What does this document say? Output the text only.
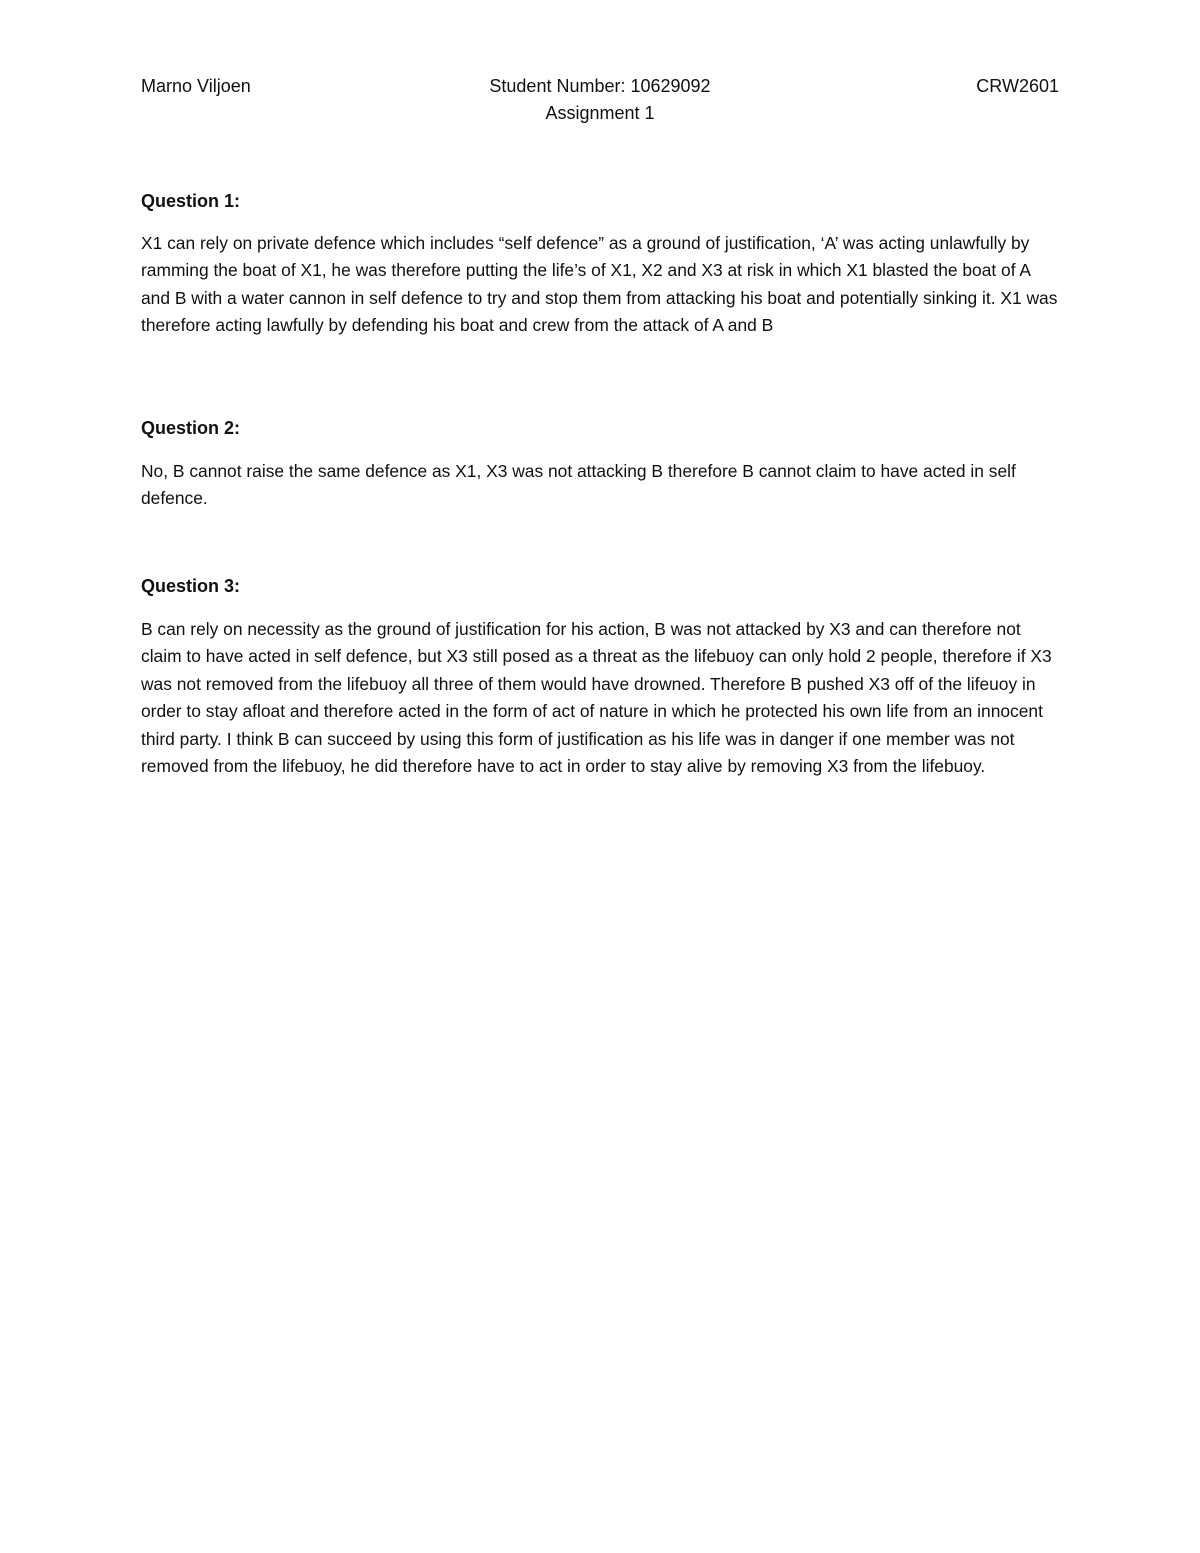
Marno Viljoen	Student Number: 10629092	CRW2601
Assignment 1
Question 1:
X1 can rely on private defence which includes “self defence” as a ground of justification, ‘A’ was acting unlawfully by ramming the boat of X1, he was therefore putting the life’s of X1, X2 and X3 at risk in which X1 blasted the boat of A and B with a water cannon in self defence to try and stop them from attacking his boat and potentially sinking it. X1 was therefore acting lawfully by defending his boat and crew from the attack of A and B
Question 2:
No, B cannot raise the same defence as X1, X3 was not attacking B therefore B cannot claim to have acted in self defence.
Question 3:
B can rely on necessity as the ground of justification for his action, B was not attacked by X3 and can therefore not claim to have acted in self defence, but X3 still posed as a threat as the lifebuoy can only hold 2 people, therefore if X3 was not removed from the lifebuoy all three of them would have drowned. Therefore B pushed X3 off of the lifeuoy in order to stay afloat and therefore acted in the form of act of nature in which he protected his own life from an innocent third party. I think B can succeed by using this form of justification as his life was in danger if one member was not removed from the lifebuoy, he did therefore have to act in order to stay alive by removing X3 from the lifebuoy.
